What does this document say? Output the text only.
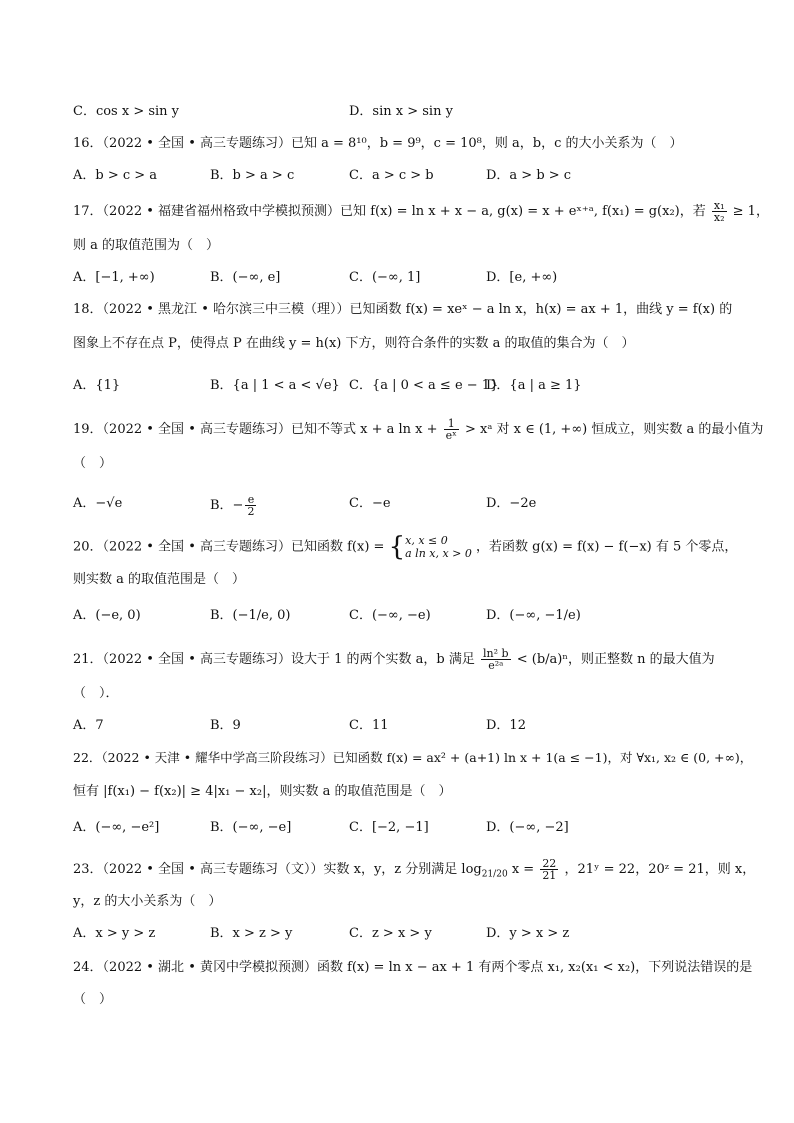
C．cos x > sin y	D．sin x > sin y
16．（2022 • 全国 • 高三专题练习）已知 a = 8¹⁰，b = 9⁹，c = 10⁸，则 a，b，c 的大小关系为（　）
A．b > c > a	B．b > a > c	C．a > c > b	D．a > b > c
17．（2022 • 福建省福州格致中学模拟预测）已知 f(x) = ln x + x − a, g(x) = x + eˣ⁺ᵃ, f(x₁) = g(x₂)，若 $\frac{\text{x₁}}{\text{x₂}} \ge 1$，
则 a 的取值范围为（　）
A．[−1, +∞)	B．(−∞, e]	C．(−∞, 1]	D．[e, +∞)
18．（2022 • 黑龙江 • 哈尔滨三中三模（理））已知函数 f(x) = xeˣ − a ln x，h(x) = ax + 1，曲线 y = f(x) 的
图象上不存在点 P，使得点 P 在曲线 y = h(x) 下方，则符合条件的实数 a 的取值的集合为（　）
A．{1}	B．{a | 1 < a < √e} C．{a | 0 < a ≤ e − 1}
D．{a | a ≥ 1}
19．（2022 • 全国 • 高三专题练习）已知不等式 x + a $\ln x + \frac{1}{\text{eˣ}}$ > xᵃ 对 x ∈ (1, +∞) 恒成立，则实数 a 的最小值为
（　）
A．−√e	B．− $\frac{e}{2}$	C．−e	D．−2e
20．（2022 • 全国 • 高三专题练习）已知函数 f(x) = { x, x ≤ 0
a ln x, x > 0 ，若函数 g(x) = f(x) − f(−x) 有 5 个零点，
则实数 a 的取值范围是（　）
A．(−e, 0)	B．(−1/e, 0)	C．(−∞, −e)	D．(−∞, −1/e)
21．（2022 • 全国 • 高三专题练习）设大于 1 的两个实数 a，b 满足 $\frac{\text{ln² b}}{\text{e²ᵃ}} < (b/a)^n$，则正整数 n 的最大值为
（　）．
A．7	B．9	C．11	D．12
22．（2022 • 天津 • 耀华中学高三阶段练习）已知函数 f(x) = ax² + (a+1) ln x + 1(a ≤ −1)，对 ∀x₁, x₂ ∈ (0, +∞)，
恒有 |f(x₁) − f(x₂)| ≥ 4|x₁ − x₂|，则实数 a 的取值范围是（　）
A．(−∞, −e²]	B．(−∞, −e]	C．[−2, −1]	D．(−∞, −2]
23．（2022 • 全国 • 高三专题练习（文））实数 x，y，z 分别满足 $\log_{21/20} x = \frac{22}{21}$ ，21ʸ = 22，20ᶻ = 21，则 x，
y，z 的大小关系为（　）
A．x > y > z	B．x > z > y	C．z > x > y	D．y > x > z
24．（2022 • 湖北 • 黄冈中学模拟预测）函数 f(x) = ln x − ax + 1 有两个零点 x₁, x₂(x₁ < x₂)，下列说法错误的是
（　）
